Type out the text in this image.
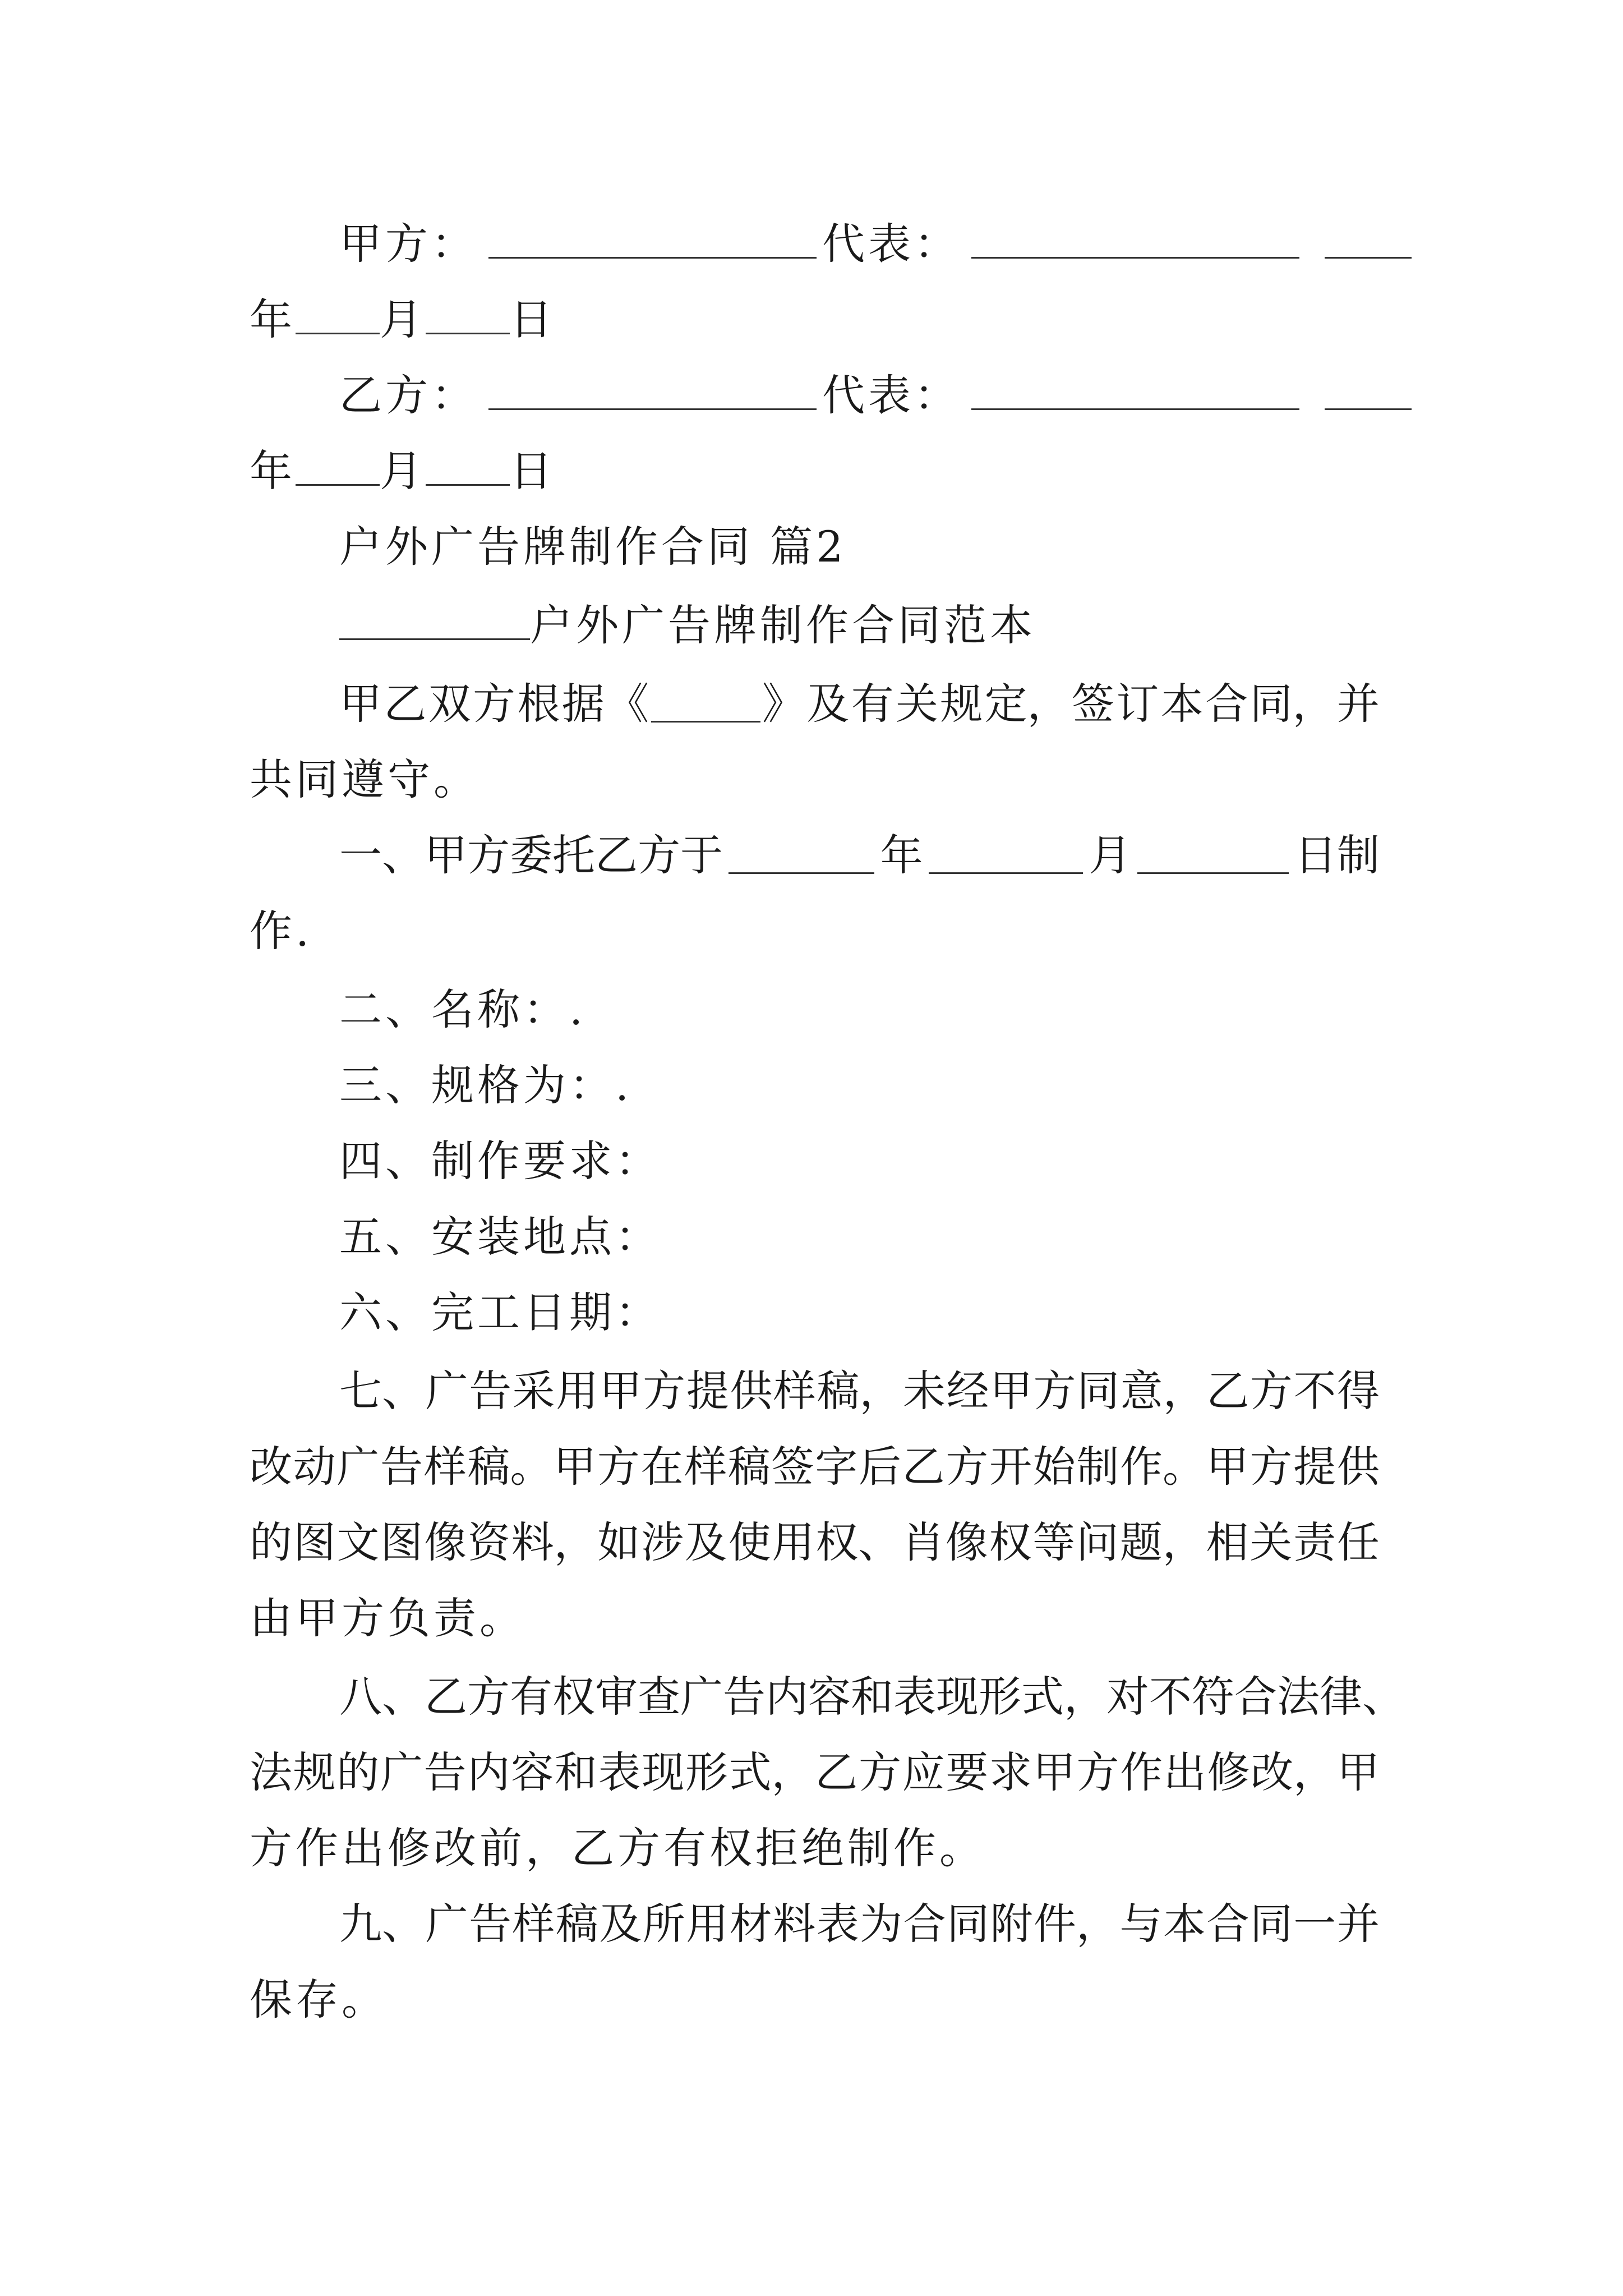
甲方：	代表：
年 月 日
乙方：	代表：
年 月 日
户外广告牌制作合同 篇2
户外广告牌制作合同范本
甲 乙 双 方 根 据 《	》 及 有 关 规 定， 签 订 本 合 同， 并
共同遵守。
一、甲方委托乙方于	年	月	日制
作.
二、名称：.
三、规格为：.
四、制作要求：
五、安装地点：
六、完工日期：
七、 广 告 采 用 甲 方 提 供 样 稿， 未 经 甲 方 同 意， 乙 方 不 得
改 动 广 告 样 稿。 甲 方 在 样 稿 签 字 后 乙 方 开 始 制 作。 甲 方 提 供
的 图 文 图 像 资 料， 如 涉 及 使 用 权、 肖 像 权 等 问 题， 相 关 责 任
由甲方负责。
八、 乙 方 有 权 审 查 广 告 内 容 和 表 现 形 式， 对 不 符 合 法 律、
法 规 的 广 告 内 容 和 表 现 形 式， 乙 方 应 要 求 甲 方 作 出 修 改， 甲
方作出修改前，乙方有权拒绝制作。
九、 广 告 样 稿 及 所 用 材 料 表 为 合 同 附 件， 与 本 合 同 一 并
保存。
